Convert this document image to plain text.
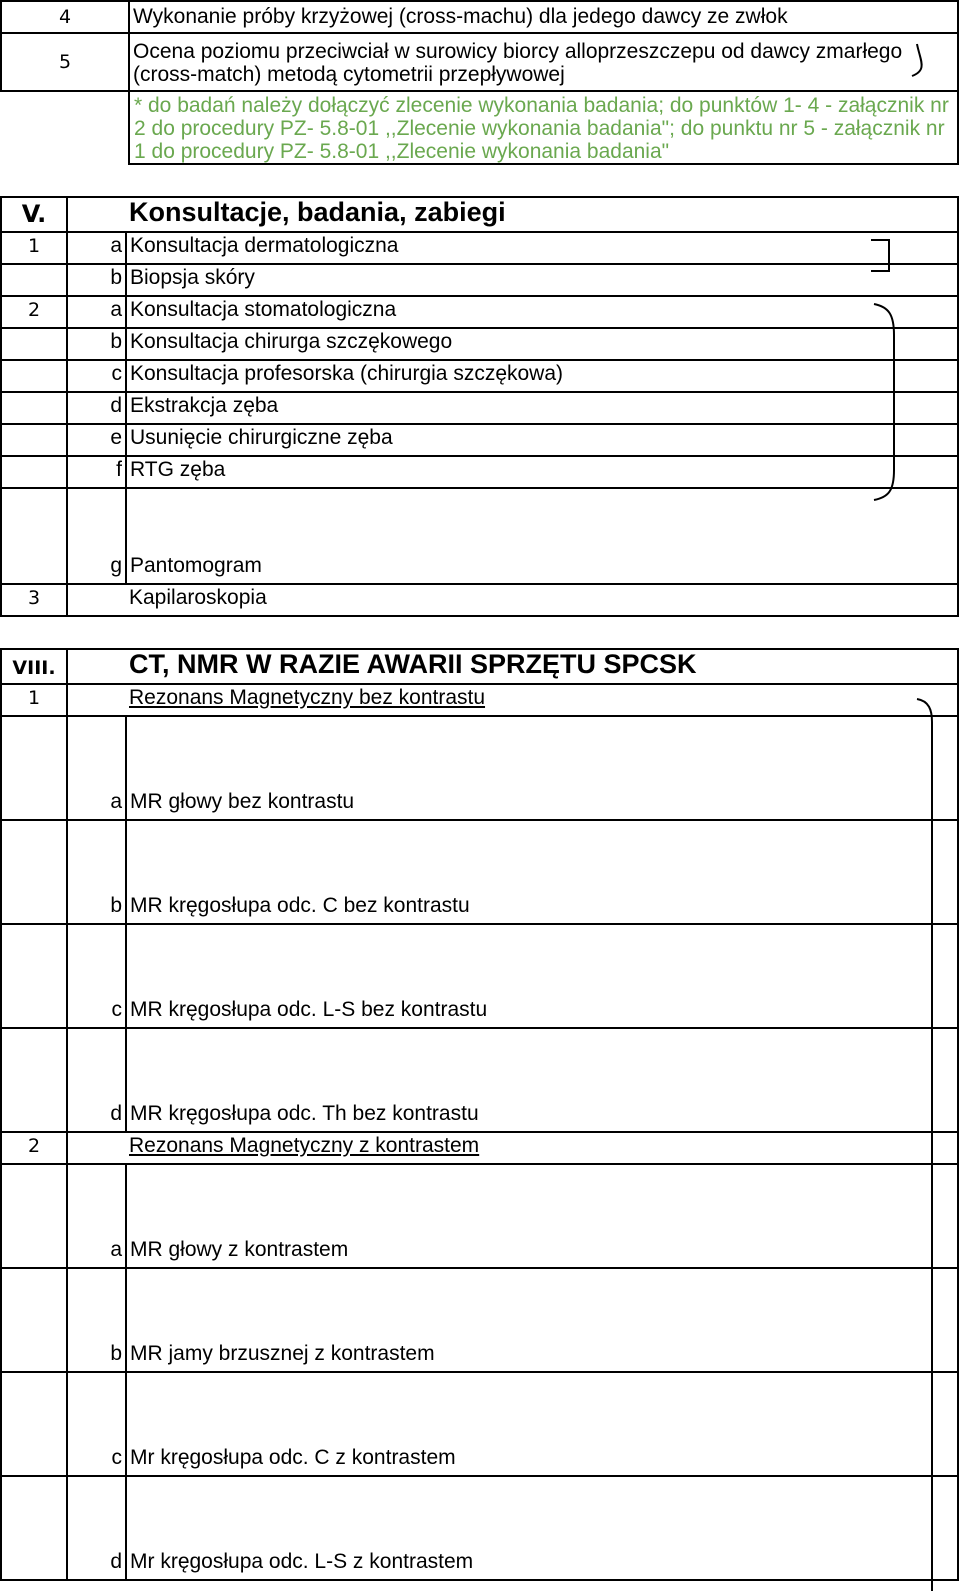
4	Wykonanie próby krzyżowej (cross-machu) dla jedego dawcy ze zwłok
5	Ocena poziomu przeciwciał w surowicy biorcy alloprzeszczepu od dawcy zmarłego
(cross-match) metodą cytometrii przepływowej

	* do badań należy dołączyć zlecenie wykonania badania; do punktów 1- 4 - załącznik nr 2 do procedury PZ- 5.8-01 ,,Zlecenie wykonania badania"; do punktu nr 5 - załącznik nr 1 do procedury PZ- 5.8-01 ,,Zlecenie wykonania badania"
V.		Konsultacje, badania, zabiegi
1	a	Konsultacja dermatologiczna
	b	Biopsja skóry
2	a	Konsultacja stomatologiczna
	b	Konsultacja chirurga szczękowego
	c	Konsultacja profesorska (chirurgia szczękowa)
	d	Ekstrakcja zęba
	e	Usunięcie chirurgiczne zęba
	f	RTG zęba
	g	Pantomogram
3		Kapilaroskopia
VIII.		CT, NMR W RAZIE AWARII SPRZĘTU SPCSK
1		Rezonans Magnetyczny bez kontrastu
	a	MR głowy bez kontrastu
	b	MR kręgosłupa odc. C bez kontrastu
	c	MR kręgosłupa odc. L-S bez kontrastu
	d	MR kręgosłupa odc. Th bez kontrastu
2		Rezonans Magnetyczny z kontrastem
	a	MR głowy z kontrastem
	b	MR jamy brzusznej z kontrastem
	c	Mr kręgosłupa odc. C z kontrastem
	d	Mr kręgosłupa odc. L-S z kontrastem
